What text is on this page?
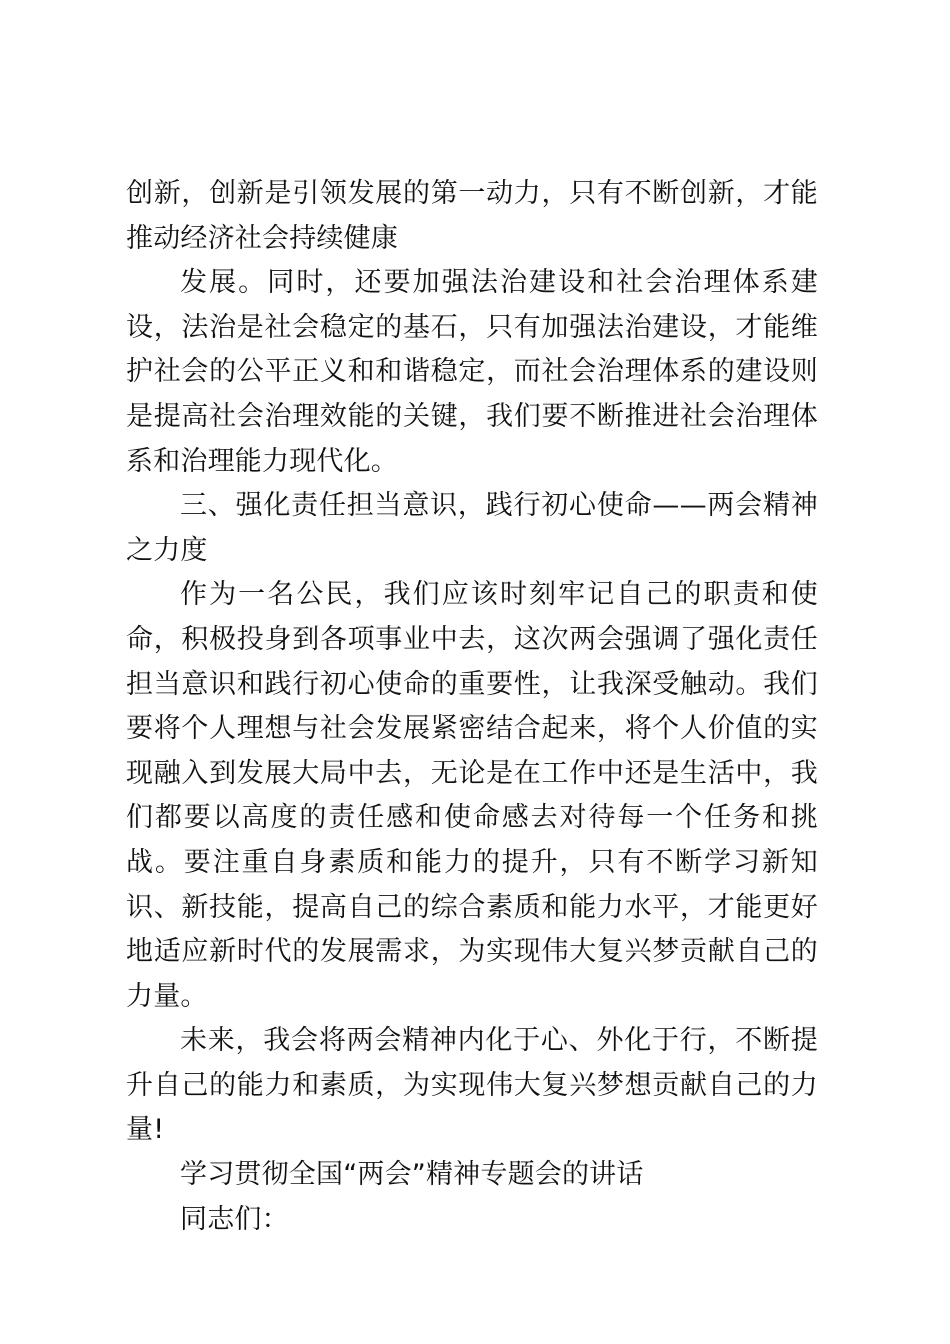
创新，创新是引领发展的第一动力，只有不断创新，才能推动经济社会持续健康

发展。同时，还要加强法治建设和社会治理体系建设，法治是社会稳定的基石，只有加强法治建设，才能维护社会的公平正义和和谐稳定，而社会治理体系的建设则是提高社会治理效能的关键，我们要不断推进社会治理体系和治理能力现代化。

三、强化责任担当意识，践行初心使命——两会精神之力度

作为一名公民，我们应该时刻牢记自己的职责和使命，积极投身到各项事业中去，这次两会强调了强化责任担当意识和践行初心使命的重要性，让我深受触动。我们要将个人理想与社会发展紧密结合起来，将个人价值的实现融入到发展大局中去，无论是在工作中还是生活中，我们都要以高度的责任感和使命感去对待每一个任务和挑战。要注重自身素质和能力的提升，只有不断学习新知识、新技能，提高自己的综合素质和能力水平，才能更好地适应新时代的发展需求，为实现伟大复兴梦贡献自己的力量。

未来，我会将两会精神内化于心、外化于行，不断提升自己的能力和素质，为实现伟大复兴梦想贡献自己的力量!

学习贯彻全国“两会”精神专题会的讲话

同志们：
